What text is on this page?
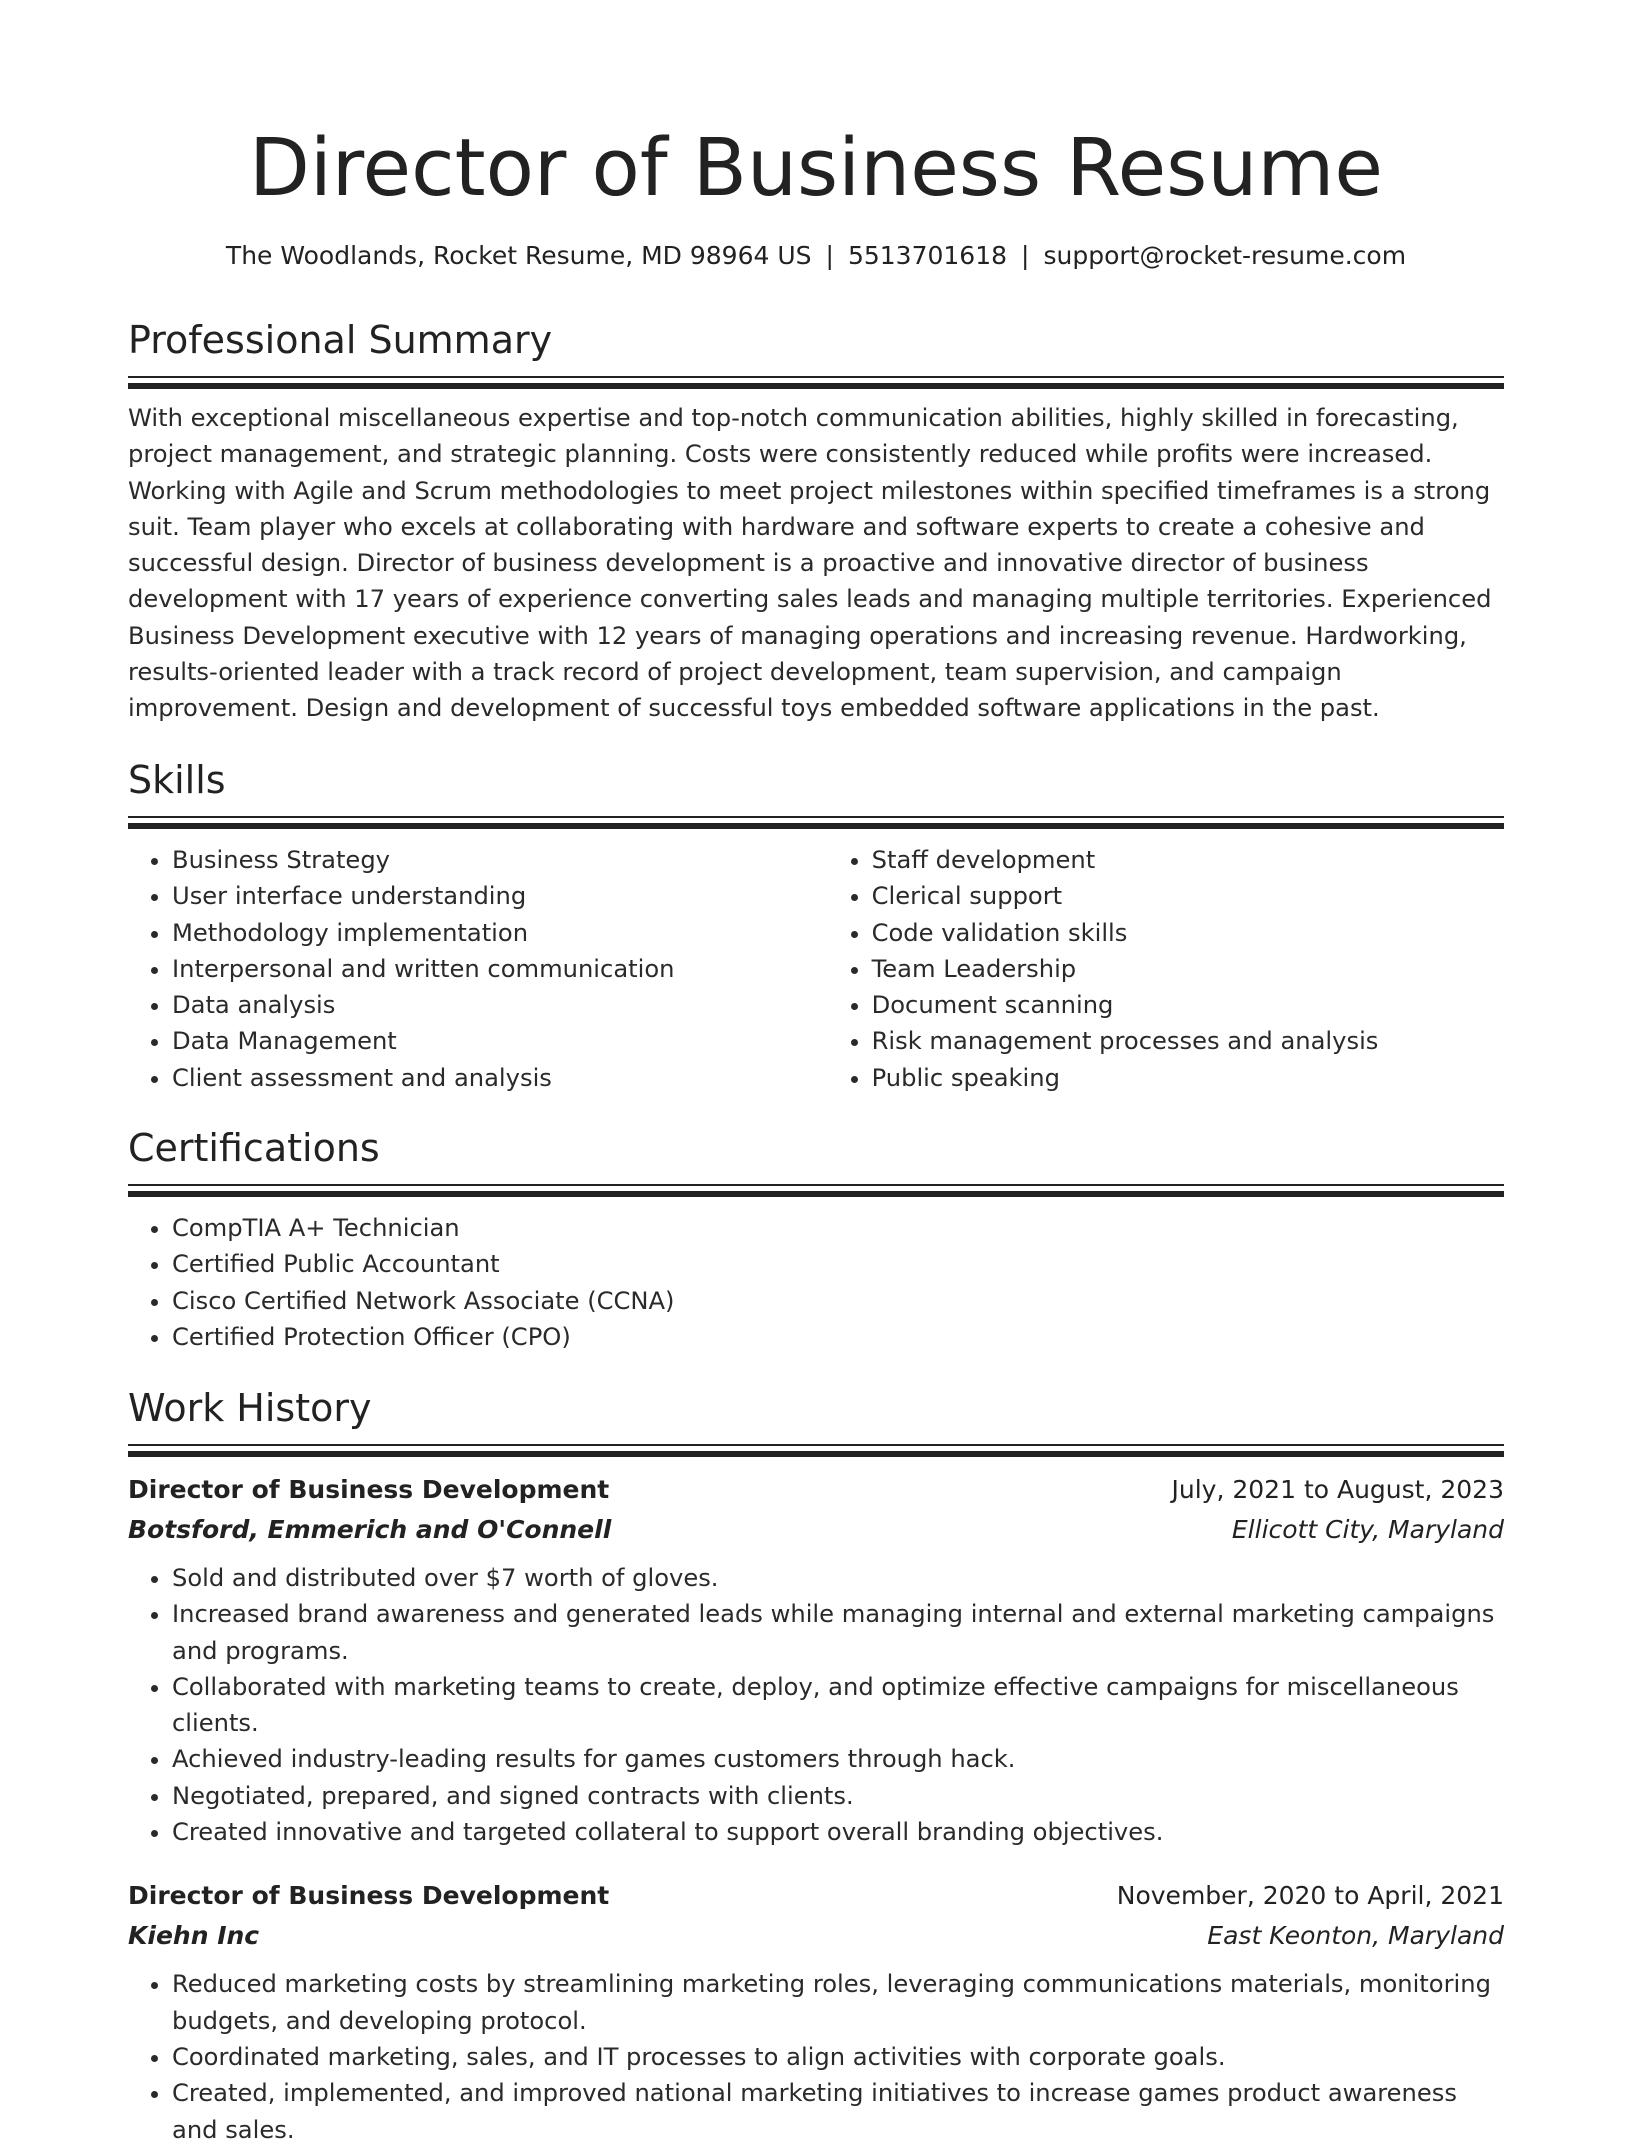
Director of Business Resume
The Woodlands, Rocket Resume, MD 98964 US | 5513701618 | support@rocket-resume.com
Professional Summary

With exceptional miscellaneous expertise and top-notch communication abilities, highly skilled in forecasting, project management, and strategic planning. Costs were consistently reduced while profits were increased. Working with Agile and Scrum methodologies to meet project milestones within specified timeframes is a strong suit. Team player who excels at collaborating with hardware and software experts to create a cohesive and successful design. Director of business development is a proactive and innovative director of business development with 17 years of experience converting sales leads and managing multiple territories. Experienced Business Development executive with 12 years of managing operations and increasing revenue. Hardworking, results-oriented leader with a track record of project development, team supervision, and campaign improvement. Design and development of successful toys embedded software applications in the past.

Skills
• Business Strategy
• User interface understanding
• Methodology implementation
• Interpersonal and written communication
• Data analysis
• Data Management
• Client assessment and analysis
• Staff development
• Clerical support
• Code validation skills
• Team Leadership
• Document scanning
• Risk management processes and analysis
• Public speaking
Certifications
• CompTIA A+ Technician
• Certified Public Accountant
• Cisco Certified Network Associate (CCNA)
• Certified Protection Officer (CPO)
Work History
Director of Business Development	July, 2021 to August, 2023
Botsford, Emmerich and O'Connell	Ellicott City, Maryland
• Sold and distributed over $7 worth of gloves.
• Increased brand awareness and generated leads while managing internal and external marketing campaigns and programs.
• Collaborated with marketing teams to create, deploy, and optimize effective campaigns for miscellaneous clients.
• Achieved industry-leading results for games customers through hack.
• Negotiated, prepared, and signed contracts with clients.
• Created innovative and targeted collateral to support overall branding objectives.
Director of Business Development	November, 2020 to April, 2021
Kiehn Inc	East Keonton, Maryland
• Reduced marketing costs by streamlining marketing roles, leveraging communications materials, monitoring budgets, and developing protocol.
• Coordinated marketing, sales, and IT processes to align activities with corporate goals.
• Created, implemented, and improved national marketing initiatives to increase games product awareness and sales.
